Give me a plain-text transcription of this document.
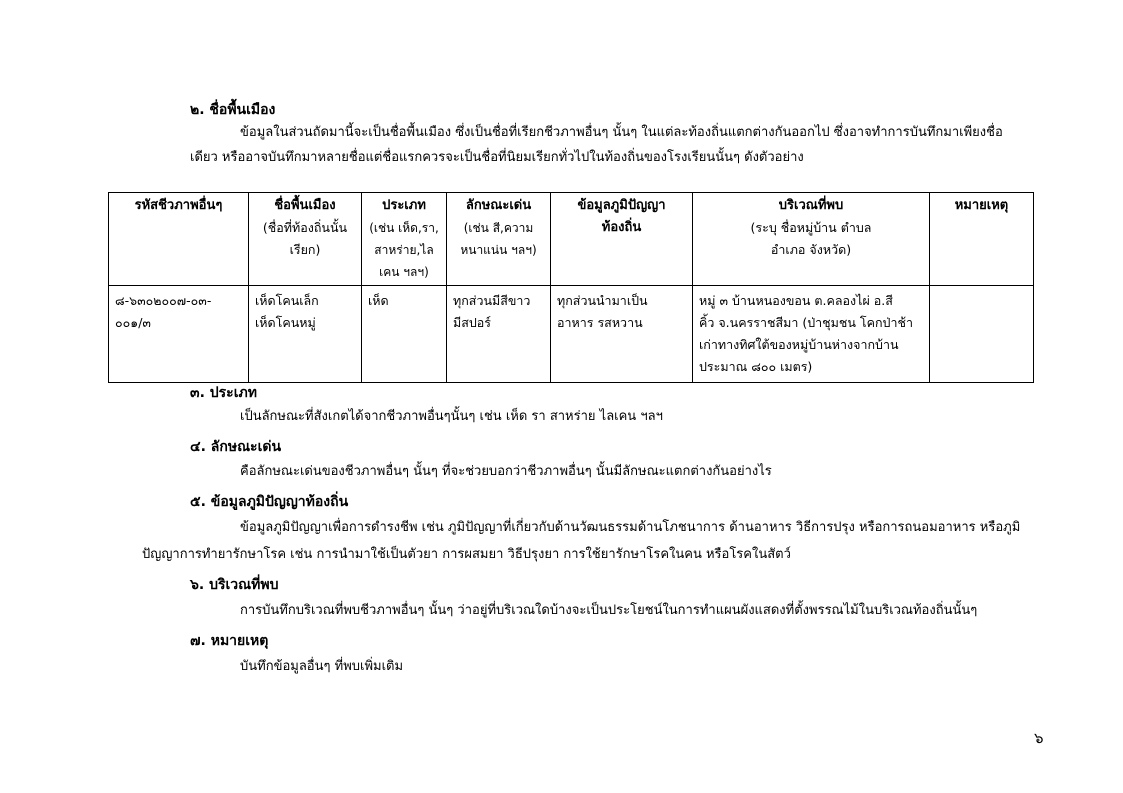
๒. ชื่อพื้นเมือง
ข้อมูลในส่วนถัดมานี้จะเป็นชื่อพื้นเมือง ซึ่งเป็นชื่อที่เรียกชีวภาพอื่นๆ นั้นๆ ในแต่ละท้องถิ่นแตกต่างกันออกไป ซึ่งอาจทำการบันทึกมาเพียงชื่อ
เดียว หรืออาจบันทึกมาหลายชื่อแต่ชื่อแรกควรจะเป็นชื่อที่นิยมเรียกทั่วไปในท้องถิ่นของโรงเรียนนั้นๆ ดังตัวอย่าง
รหัสชีวภาพอื่นๆ	ชื่อพื้นเมือง
(ชื่อที่ท้องถิ่นนั้น
เรียก)	ประเภท
(เช่น เห็ด,รา,
สาหร่าย,ไล
เคน ฯลฯ)	ลักษณะเด่น
(เช่น สี,ความ
หนาแน่น ฯลฯ)	ข้อมูลภูมิปัญญา
ท้องถิ่น	บริเวณที่พบ
(ระบุ ชื่อหมู่บ้าน ตำบล
อำเภอ จังหวัด)	หมายเหตุ

๘-๖๓๐๒๐๐๗-๐๓-
๐๐๑/๓	เห็ดโคนเล็ก
เห็ดโคนหมู่	เห็ด	ทุกส่วนมีสีขาว
มีสปอร์	ทุกส่วนนำมาเป็น
อาหาร รสหวาน	หมู่ ๓ บ้านหนองขอน ต.คลองไผ่ อ.สี
คิ้ว จ.นครราชสีมา (ป่าชุมชน โคกป่าช้า
เก่าทางทิศใต้ของหมู่บ้านห่างจากบ้าน
ประมาณ ๘๐๐ เมตร)	

๓. ประเภท
เป็นลักษณะที่สังเกตได้จากชีวภาพอื่นๆนั้นๆ เช่น เห็ด รา สาหร่าย ไลเคน ฯลฯ
๔. ลักษณะเด่น
คือลักษณะเด่นของชีวภาพอื่นๆ นั้นๆ ที่จะช่วยบอกว่าชีวภาพอื่นๆ นั้นมีลักษณะแตกต่างกันอย่างไร
๕. ข้อมูลภูมิปัญญาท้องถิ่น
ข้อมูลภูมิปัญญาเพื่อการดำรงชีพ เช่น ภูมิปัญญาที่เกี่ยวกับด้านวัฒนธรรมด้านโภชนาการ ด้านอาหาร วิธีการปรุง หรือการถนอมอาหาร หรือภูมิ
ปัญญาการทำยารักษาโรค เช่น การนำมาใช้เป็นตัวยา การผสมยา วิธีปรุงยา การใช้ยารักษาโรคในคน หรือโรคในสัตว์
๖. บริเวณที่พบ
การบันทึกบริเวณที่พบชีวภาพอื่นๆ นั้นๆ ว่าอยู่ที่บริเวณใดบ้างจะเป็นประโยชน์ในการทำแผนผังแสดงที่ตั้งพรรณไม้ในบริเวณท้องถิ่นนั้นๆ
๗. หมายเหตุ
บันทึกข้อมูลอื่นๆ ที่พบเพิ่มเติม
๖
